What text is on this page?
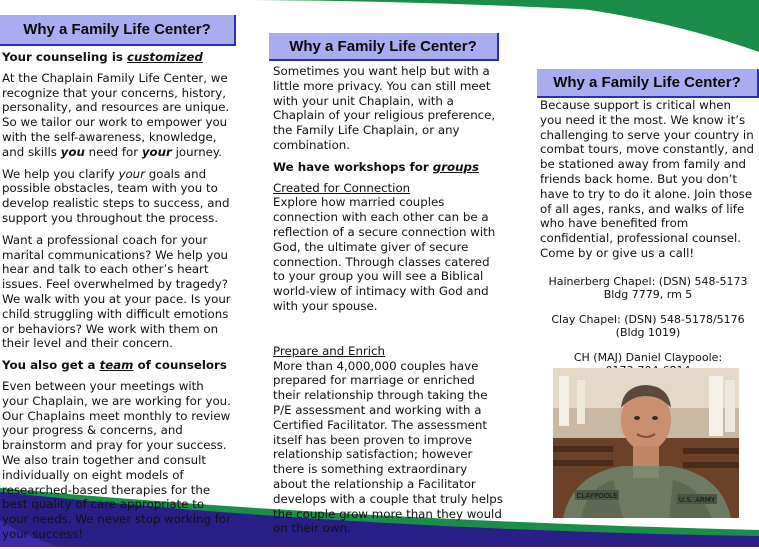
Why a Family Life Center?
Your counseling is customized

At the Chaplain Family Life Center, we recognize that your concerns, history, personality, and resources are unique. So we tailor our work to empower you with the self-awareness, knowledge, and skills you need for your journey.

We help you clarify your goals and possible obstacles, team with you to develop realistic steps to success, and support you throughout the process.

Want a professional coach for your marital communications? We help you hear and talk to each other’s heart issues. Feel overwhelmed by tragedy? We walk with you at your pace. Is your child struggling with difficult emotions or behaviors? We work with them on their level and their concern.

You also get a team of counselors

Even between your meetings with your Chaplain, we are working for you. Our Chaplains meet monthly to review your progress & concerns, and brainstorm and pray for your success. We also train together and consult individually on eight models of researched-based therapies for the best quality of care appropriate to your needs. We never stop working for your success!

Why a Family Life Center?

Sometimes you want help but with a little more privacy. You can still meet with your unit Chaplain, with a Chaplain of your religious preference, the Family Life Chaplain, or any combination.

We have workshops for groups
Created for Connection

Explore how married couples connection with each other can be a reflection of a secure connection with God, the ultimate giver of secure connection. Through classes catered to your group you will see a Biblical world-view of intimacy with God and with your spouse.

Prepare and Enrich

More than 4,000,000 couples have prepared for marriage or enriched their relationship through taking the P/E assessment and working with a Certified Facilitator. The assessment itself has been proven to improve relationship satisfaction; however there is something extraordinary about the relationship a Facilitator develops with a couple that truly helps the couple grow more than they would on their own.

Why a Family Life Center?

Because support is critical when you need it the most. We know it’s challenging to serve your country in combat tours, move constantly, and be stationed away from family and friends back home. But you don’t have to try to do it alone. Join those of all ages, ranks, and walks of life who have benefited from confidential, professional counsel. Come by or give us a call!

Hainerberg Chapel: (DSN) 548-5173
Bldg 7779, rm 5
Clay Chapel: (DSN) 548-5178/5176
(Bldg 1019)
CH (MAJ) Daniel Claypoole:
CLAYPOOLE	U.S. ARMY
